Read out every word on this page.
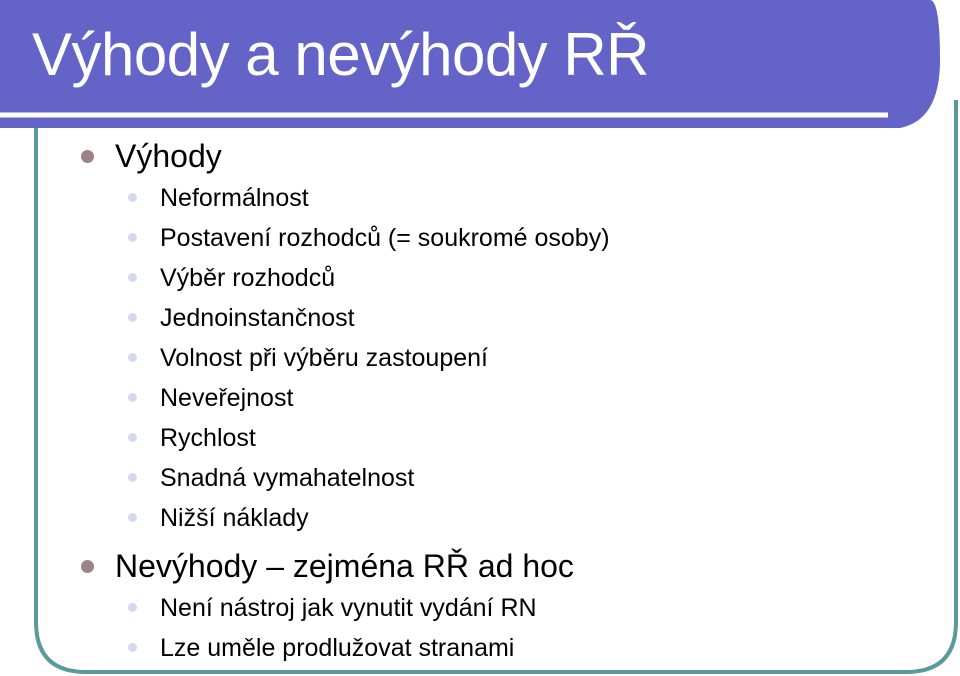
Výhody a nevýhody RŘ
Výhody
Neformálnost
Postavení rozhodců (= soukromé osoby)
Výběr rozhodců
Jednoinstančnost
Volnost při výběru zastoupení
Neveřejnost
Rychlost
Snadná vymahatelnost
Nižší náklady
Nevýhody – zejména RŘ ad hoc
Není nástroj jak vynutit vydání RN
Lze uměle prodlužovat stranami
